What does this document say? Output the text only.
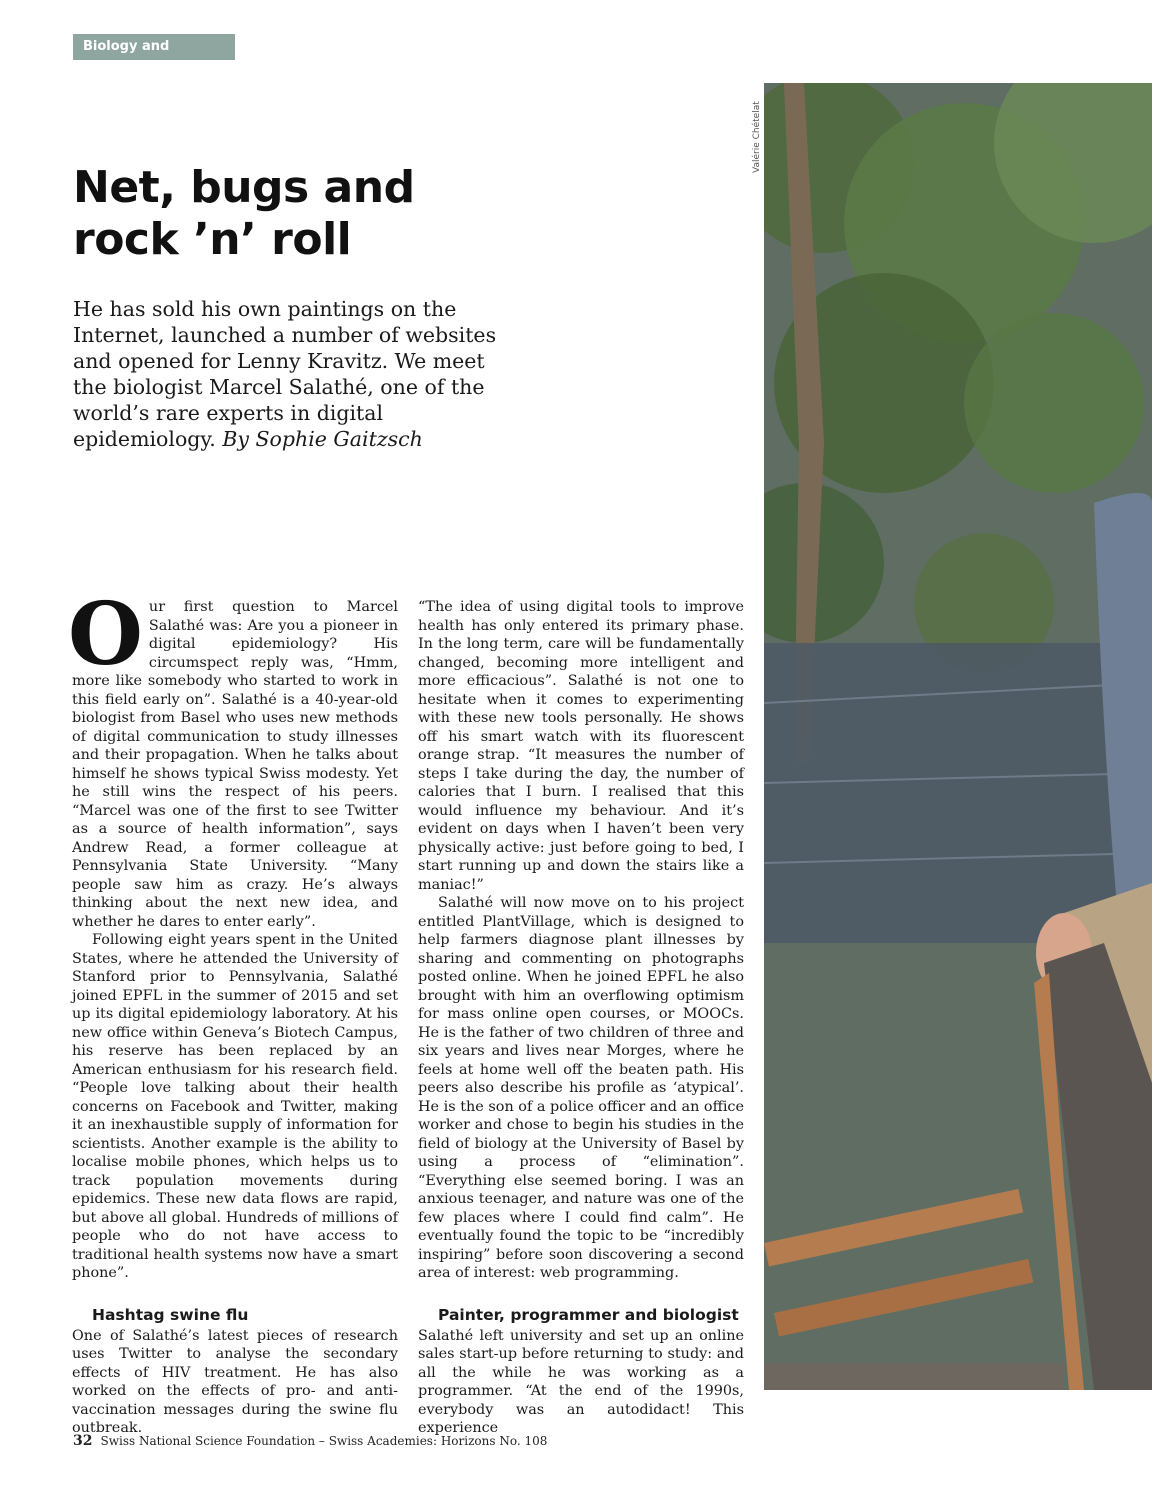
Biology and medicine
Net, bugs and
rock ’n’ roll

He has sold his own paintings on the Internet, launched a number of websites and opened for Lenny Kravitz. We meet the biologist Marcel Salathé, one of the world’s rare experts in digital epidemiology. By Sophie Gaitzsch

Our first question to Marcel Salathé was: Are you a pioneer in digital epidemiology? His circumspect reply was, “Hmm, more like somebody who started to work in this field early on”. Salathé is a 40-year-old biologist from Basel who uses new methods of digital communication to study illnesses and their propagation. When he talks about himself he shows typical Swiss modesty. Yet he still wins the respect of his peers. “Marcel was one of the first to see Twitter as a source of health information”, says Andrew Read, a former colleague at Pennsylvania State University. “Many people saw him as crazy. He’s always thinking about the next new idea, and whether he dares to enter early”.

Following eight years spent in the United States, where he attended the University of Stanford prior to Pennsylvania, Salathé joined EPFL in the summer of 2015 and set up its digital epidemiology laboratory. At his new office within Geneva’s Biotech Campus, his reserve has been replaced by an American enthusiasm for his research field. “People love talking about their health concerns on Facebook and Twitter, making it an inexhaustible supply of information for scientists. Another example is the ability to localise mobile phones, which helps us to track population movements during epidemics. These new data flows are rapid, but above all global. Hundreds of millions of people who do not have access to traditional health systems now have a smart phone”.

Hashtag swine flu

One of Salathé’s latest pieces of research uses Twitter to analyse the secondary effects of HIV treatment. He has also worked on the effects of pro- and anti-vaccination messages during the swine flu outbreak.

“The idea of using digital tools to improve health has only entered its primary phase. In the long term, care will be fundamentally changed, becoming more intelligent and more efficacious”. Salathé is not one to hesitate when it comes to experimenting with these new tools personally. He shows off his smart watch with its fluorescent orange strap. “It measures the number of steps I take during the day, the number of calories that I burn. I realised that this would influence my behaviour. And it’s evident on days when I haven’t been very physically active: just before going to bed, I start running up and down the stairs like a maniac!”

Salathé will now move on to his project entitled PlantVillage, which is designed to help farmers diagnose plant illnesses by sharing and commenting on photographs posted online. When he joined EPFL he also brought with him an overflowing optimism for mass online open courses, or MOOCs. He is the father of two children of three and six years and lives near Morges, where he feels at home well off the beaten path. His peers also describe his profile as ‘atypical’. He is the son of a police officer and an office worker and chose to begin his studies in the field of biology at the University of Basel by using a process of “elimination”. “Everything else seemed boring. I was an anxious teenager, and nature was one of the few places where I could find calm”. He eventually found the topic to be “incredibly inspiring” before soon discovering a second area of interest: web programming.

Painter, programmer and biologist

Salathé left university and set up an online sales start-up before returning to study: and all the while he was working as a programmer. “At the end of the 1990s, everybody was an autodidact! This experience

Valérie Chételat
32 Swiss National Science Foundation – Swiss Academies: Horizons No. 108
